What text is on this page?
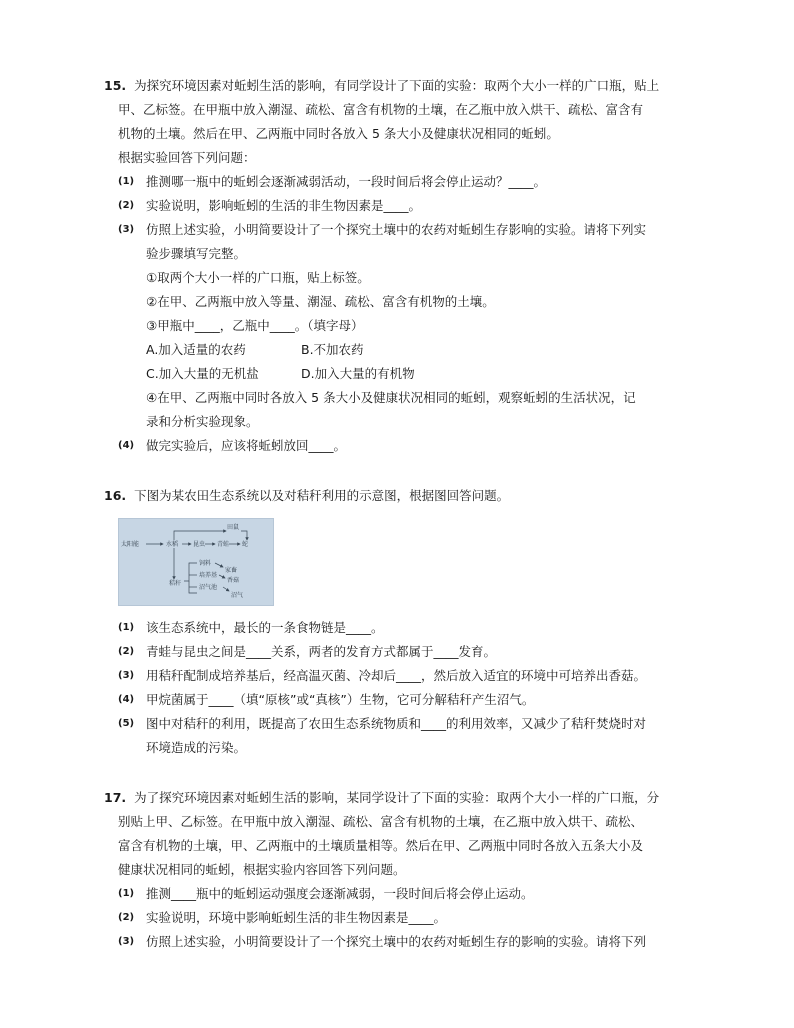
15. 为探究环境因素对蚯蚓生活的影响，有同学设计了下面的实验：取两个大小一样的广口瓶，贴上
甲、乙标签。在甲瓶中放入潮湿、疏松、富含有机物的土壤，在乙瓶中放入烘干、疏松、富含有
机物的土壤。然后在甲、乙两瓶中同时各放入 5 条大小及健康状况相同的蚯蚓。
根据实验回答下列问题：
(1) 推测哪一瓶中的蚯蚓会逐渐减弱活动，一段时间后将会停止运动？____。
(2) 实验说明，影响蚯蚓的生活的非生物因素是____。
(3) 仿照上述实验，小明简要设计了一个探究土壤中的农药对蚯蚓生存影响的实验。请将下列实
验步骤填写完整。
①取两个大小一样的广口瓶，贴上标签。
②在甲、乙两瓶中放入等量、潮湿、疏松、富含有机物的土壤。
③甲瓶中____，乙瓶中____。（填字母）
A.加入适量的农药	B.不加农药
C.加入大量的无机盐	D.加入大量的有机物
④在甲、乙两瓶中同时各放入 5 条大小及健康状况相同的蚯蚓，观察蚯蚓的生活状况，记
录和分析实验现象。
(4) 做完实验后，应该将蚯蚓放回____。
16. 下图为某农田生态系统以及对秸秆利用的示意图，根据图回答问题。
太阳能	水稻 昆虫 青蛙 蛇
田鼠
秸秆
饲料
家畜
培养基
香菇
沼气池
沼气
(1) 该生态系统中，最长的一条食物链是____。
(2) 青蛙与昆虫之间是____关系，两者的发育方式都属于____发育。
(3) 用秸秆配制成培养基后，经高温灭菌、冷却后____，然后放入适宜的环境中可培养出香菇。
(4) 甲烷菌属于____（填“原核”或“真核”）生物，它可分解秸秆产生沼气。
(5) 图中对秸秆的利用，既提高了农田生态系统物质和____的利用效率，又减少了秸秆焚烧时对
环境造成的污染。
17. 为了探究环境因素对蚯蚓生活的影响，某同学设计了下面的实验：取两个大小一样的广口瓶，分
别贴上甲、乙标签。在甲瓶中放入潮湿、疏松、富含有机物的土壤，在乙瓶中放入烘干、疏松、
富含有机物的土壤，甲、乙两瓶中的土壤质量相等。然后在甲、乙两瓶中同时各放入五条大小及
健康状况相同的蚯蚓，根据实验内容回答下列问题。
(1) 推测____瓶中的蚯蚓运动强度会逐渐减弱，一段时间后将会停止运动。
(2) 实验说明，环境中影响蚯蚓生活的非生物因素是____。
(3) 仿照上述实验，小明简要设计了一个探究土壤中的农药对蚯蚓生存的影响的实验。请将下列
